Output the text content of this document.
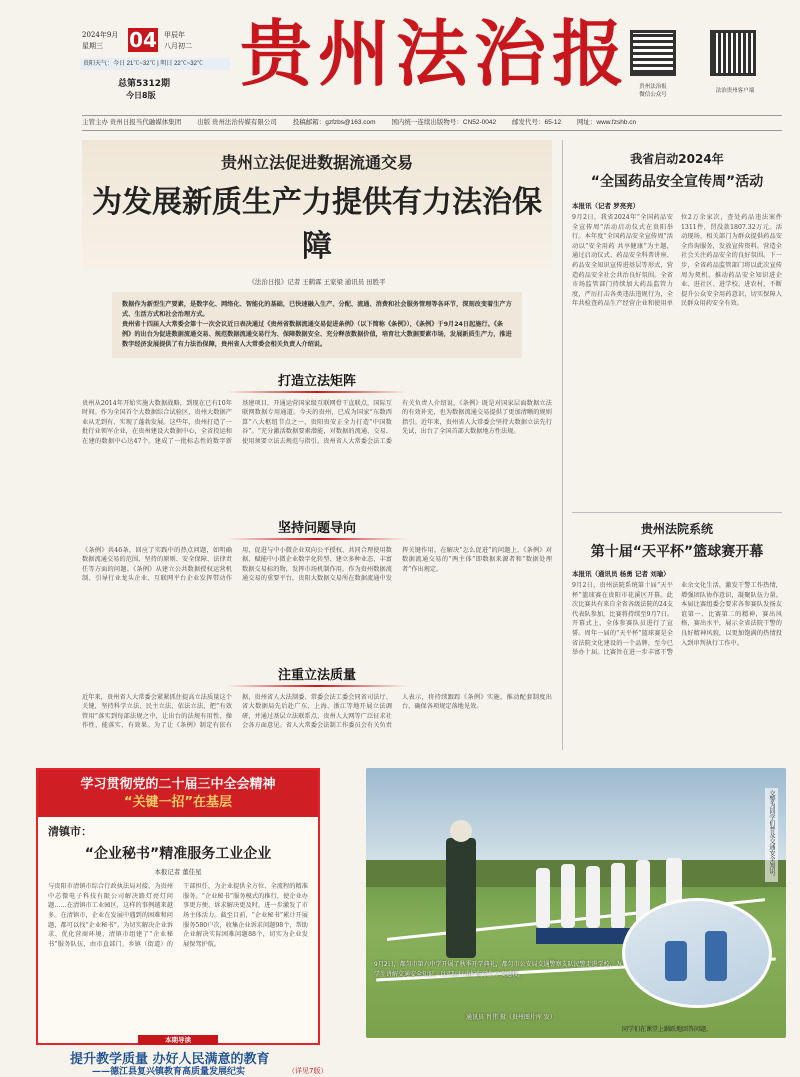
2024年9月
星期三	04 甲辰年
八月初二
贵阳天气：今日 21℃~32℃ | 明日 22℃~32℃
总第5312期
今日8版 贵州法治报	贵州法治报
微信公众号
法治贵州客户端
主管主办 贵州日报当代融媒体集团 出版 贵州法治传媒有限公司 投稿邮箱：gzfzbs@163.com 国内统一连续出版物号：CN52-0042 邮发代号：65-12 网址：www.fzshb.cn
贵州立法促进数据流通交易
为发展新质生产力提供有力法治保障
《法治日报》记者 王鹤霖 王家梁 通讯员 田胜平
数据作为新型生产要素，是数字化、网络化、智能化的基础，已快速融入生产、分配、流通、消费和社会服务管理等各环节，深刻改变着生产方式、生活方式和社会治理方式。
贵州省十四届人大常委会第十一次会议近日表决通过《贵州省数据流通交易促进条例》（以下简称《条例》），《条例》于9月24日起施行。《条例》的出台为促进数据流通交易、规范数据流通交易行为、保障数据安全、充分释放数据价值，培育壮大数据要素市场，发展新质生产力，推进数字经济发展提供了有力法治保障，贵州省人大常委会相关负责人介绍说。
打造立法矩阵
贵州从2014年开始实施大数据战略，到现在已有10年时间。作为全国首个大数据综合试验区，贵州大数据产业从无到有，实现了蓬勃发展。这些年，贵州打造了一批行业领军企业，在贵州建设大数据中心，全省投运和在建的数据中心达47个。建成了一批标志性的数字新基建项目，开通运营国家级互联网骨干直联点，国际互联网数据专用通道。今天的贵州，已成为国家“东数西算”八大枢纽节点之一，贵阳贵安正全力打造“中国数谷”。“充分激活数据要素潜能，对数据的流通、交易、使用须要立法去规范与指引。贵州省人大常委会法工委有关负责人介绍说，《条例》既是对国家层面数据立法的有效补充，也为数据流通交易提供了更加清晰的规则指引。近年来，贵州省人大常委会坚持大数据立法先行先试，出台了全国首部大数据地方性法规。
坚持问题导向
《条例》共46条，回应了实践中的热点问题，如明确数据流通交易的范围、坚持的原则、安全保障、法律责任等方面的问题。《条例》从建立公共数据授权运营机制、引导行业龙头企业、互联网平台企业发挥带动作用、促进与中小微企业双向公平授权、共同合理使用数据、赋能中小微企业数字化转型、建立多种业态、丰富数据交易标的物，发挥市场机制作用。作为贵州数据流通交易的重要平台，贵阳大数据交易所在数据流通中发挥关键作用。在解决“怎么促进”的问题上，《条例》对数据流通交易的“两主体”即数据来源者和“数据处理者”作出规定。
注重立法质量
近年来，贵州省人大常委会紧紧抓住提高立法质量这个关键，坚持科学立法、民主立法、依法立法，把“有效管用”落实到每部法规之中，让出台的法规有用性、操作性、能落实、有效果。为了让《条例》制定有依有据，贵州省人大法制委、常委会法工委会同省司法厅、省大数据局先后赴广东、上海、浙江等地开展立法调研，并通过基层立法联系点、贵州人大网等广泛征求社会各方面意见。省人大常委会法制工作委员会有关负责人表示，将持续跟踪《条例》实施，推动配套制度出台，确保各项规定落地见效。
我省启动2024年
“全国药品安全宣传周”活动
本报讯（记者 罗亮亮）
9月2日，我省2024年“全国药品安全宣传周”活动启动仪式在贵阳举行。本年度“全国药品安全宣传周”活动以“安全用药 共享健康”为主题，通过启动仪式、药品安全科普讲座、药品安全知识宣传进基层等形式，营造药品安全社会共治良好氛围。全省市场监管部门持续加大药品监管力度，严厉打击各类违法违规行为，全年共检查药品生产经营企业和使用单位2万余家次，查处药品违法案件1311件，罚没款1807.32万元。活动现场，相关部门为群众提供药品安全咨询服务，发放宣传资料，营造全社会关注药品安全的良好氛围。下一步，全省药品监管部门将以此次宣传周为契机，推动药品安全知识进企业、进社区、进学校、进农村，不断提升公众安全用药意识，切实保障人民群众用药安全有效。
贵州法院系统
第十届“天平杯”篮球赛开幕
本报讯（通讯员 杨勇 记者 刘瑜）
9月2日，贵州法院系统第十届“天平杯”篮球赛在贵阳市花溪区开幕。此次比赛共有来自全省各级法院的24支代表队参加，比赛将持续至9月7日。开幕式上，全体参赛队员进行了宣誓。周年一届的“天平杯”篮球赛是全省法院文化建设的一个品牌，至今已举办十届。比赛旨在进一步丰富干警业余文化生活，激发干警工作热情，增强团队协作意识，凝聚队伍力量。本届比赛组委会要求各参赛队发扬友谊第一、比赛第二的精神，赛出风格，赛出水平，展示全省法院干警的良好精神风貌，以更加饱满的热情投入到审判执行工作中。
学习贯彻党的二十届三中全会精神
“关键一招”在基层
清镇市：
“企业秘书”精准服务工业企业
本报记者 董佳星
与贵阳市清镇市综合行政执法局对接，为贵州中芯微电子科技有限公司解决路灯亮灯问题……在清镇市工业园区，这样的事例越来越多。在清镇市，企业在发展中遇到的困难和问题，都可以找“企业秘书”。为切实解决企业诉求、优化营商环境，清镇市组建了“企业秘书”服务队伍，由市直部门、乡镇（街道）的干部担任，为企业提供全方位、全流程的精准服务。“企业秘书”服务模式的推行，使企业办事更方便、诉求解决更及时，进一步激发了市场主体活力。截至目前，“企业秘书”累计开展服务580户次，收集企业诉求问题98个，帮助企业解决实际困难问题88个，切实为企业发展保驾护航。
交警为同学们普及交通安全知识。
同学们在课堂上踊跃地回答问题。
9月2日，都匀市第六中学开展了秋季开学典礼，都匀市公安局交通警察支队民警走进学校，为学生讲解交通安全知识，以实际行动护航学生平安返校。
通讯员 肖伟 摄（贵州图片库 发）
本期导读
提升教学质量 办好人民满意的教育
——德江县复兴镇教育高质量发展纪实	（详见7版）
